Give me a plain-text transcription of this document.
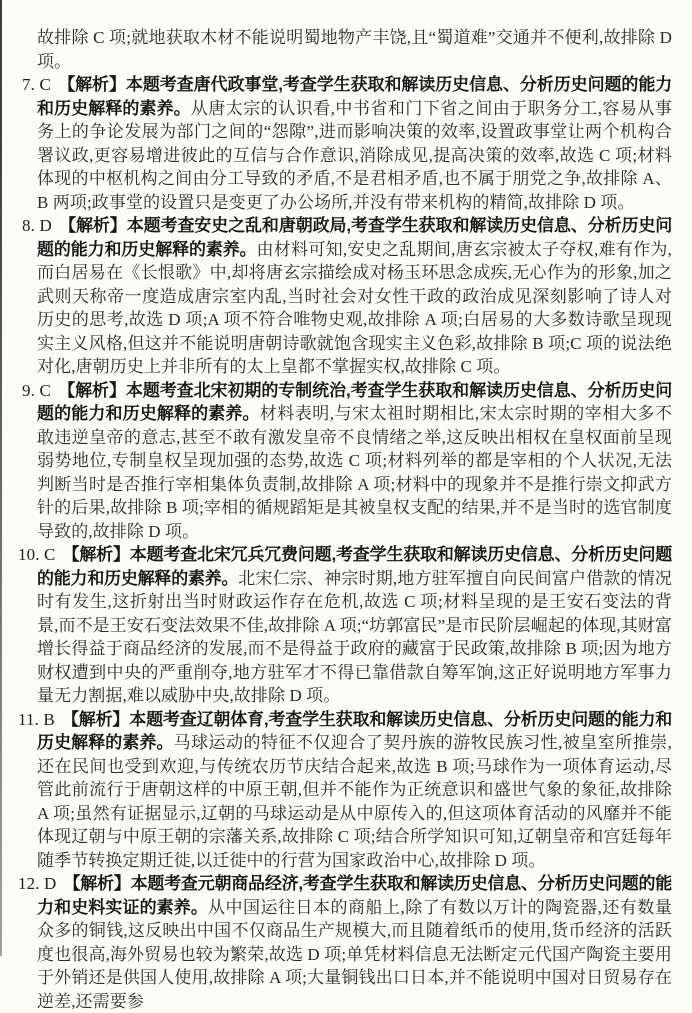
故排除 C 项;就地获取木材不能说明蜀地物产丰饶,且“蜀道难”交通并不便利,故排除 D 项。

7. C 【解析】本题考查唐代政事堂,考查学生获取和解读历史信息、分析历史问题的能力和历史解释的素养。从唐太宗的认识看,中书省和门下省之间由于职务分工,容易从事务上的争论发展为部门之间的“怨隙”,进而影响决策的效率,设置政事堂让两个机构合署议政,更容易增进彼此的互信与合作意识,消除成见,提高决策的效率,故选 C 项;材料体现的中枢机构之间由分工导致的矛盾,不是君相矛盾,也不属于朋党之争,故排除 A、B 两项;政事堂的设置只是变更了办公场所,并没有带来机构的精简,故排除 D 项。

8. D 【解析】本题考查安史之乱和唐朝政局,考查学生获取和解读历史信息、分析历史问题的能力和历史解释的素养。由材料可知,安史之乱期间,唐玄宗被太子夺权,难有作为,而白居易在《长恨歌》中,却将唐玄宗描绘成对杨玉环思念成疾,无心作为的形象,加之武则天称帝一度造成唐宗室内乱,当时社会对女性干政的政治成见深刻影响了诗人对历史的思考,故选 D 项;A 项不符合唯物史观,故排除 A 项;白居易的大多数诗歌呈现现实主义风格,但这并不能说明唐朝诗歌就饱含现实主义色彩,故排除 B 项;C 项的说法绝对化,唐朝历史上并非所有的太上皇都不掌握实权,故排除 C 项。

9. C 【解析】本题考查北宋初期的专制统治,考查学生获取和解读历史信息、分析历史问题的能力和历史解释的素养。材料表明,与宋太祖时期相比,宋太宗时期的宰相大多不敢违逆皇帝的意志,甚至不敢有激发皇帝不良情绪之举,这反映出相权在皇权面前呈现弱势地位,专制皇权呈现加强的态势,故选 C 项;材料列举的都是宰相的个人状况,无法判断当时是否推行宰相集体负责制,故排除 A 项;材料中的现象并不是推行崇文抑武方针的后果,故排除 B 项;宰相的循规蹈矩是其被皇权支配的结果,并不是当时的选官制度导致的,故排除 D 项。

10. C 【解析】本题考查北宋冗兵冗费问题,考查学生获取和解读历史信息、分析历史问题的能力和历史解释的素养。北宋仁宗、神宗时期,地方驻军擅自向民间富户借款的情况时有发生,这折射出当时财政运作存在危机,故选 C 项;材料呈现的是王安石变法的背景,而不是王安石变法效果不佳,故排除 A 项;“坊郭富民”是市民阶层崛起的体现,其财富增长得益于商品经济的发展,而不是得益于政府的藏富于民政策,故排除 B 项;因为地方财权遭到中央的严重削夺,地方驻军才不得已靠借款自筹军饷,这正好说明地方军事力量无力割据,难以威胁中央,故排除 D 项。

11. B 【解析】本题考查辽朝体育,考查学生获取和解读历史信息、分析历史问题的能力和历史解释的素养。马球运动的特征不仅迎合了契丹族的游牧民族习性,被皇室所推崇,还在民间也受到欢迎,与传统农历节庆结合起来,故选 B 项;马球作为一项体育运动,尽管此前流行于唐朝这样的中原王朝,但并不能作为正统意识和盛世气象的象征,故排除 A 项;虽然有证据显示,辽朝的马球运动是从中原传入的,但这项体育活动的风靡并不能体现辽朝与中原王朝的宗藩关系,故排除 C 项;结合所学知识可知,辽朝皇帝和宫廷每年随季节转换定期迁徙,以迁徙中的行营为国家政治中心,故排除 D 项。

12. D 【解析】本题考查元朝商品经济,考查学生获取和解读历史信息、分析历史问题的能力和史料实证的素养。从中国运往日本的商船上,除了有数以万计的陶瓷器,还有数量众多的铜钱,这反映出中国不仅商品生产规模大,而且随着纸币的使用,货币经济的活跃度也很高,海外贸易也较为繁荣,故选 D 项;单凭材料信息无法断定元代国产陶瓷主要用于外销还是供国人使用,故排除 A 项;大量铜钱出口日本,并不能说明中国对日贸易存在逆差,还需要参
